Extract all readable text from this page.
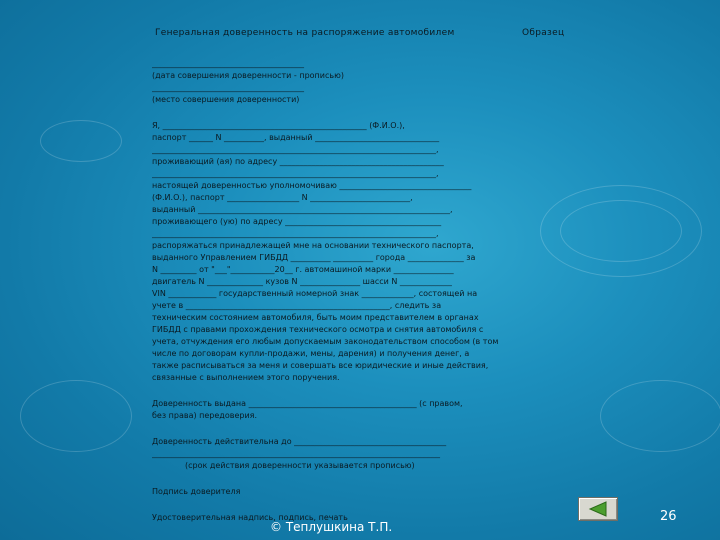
Генеральная доверенность на распоряжение автомобилем	Образец

______________________________________

(дата совершения доверенности - прописью)

______________________________________

(место совершения доверенности)

Я, ___________________________________________________ (Ф.И.О.),

паспорт ______ N __________, выданный _______________________________

_______________________________________________________________________,

проживающий (ая) по адресу _________________________________________

_______________________________________________________________________,

настоящей доверенностью уполномочиваю _________________________________

(Ф.И.О.), паспорт __________________ N _________________________,

выданный _______________________________________________________________,

проживающего (ую) по адресу _______________________________________

_______________________________________________________________________,

распоряжаться принадлежащей мне на основании технического паспорта,

выданного Управлением ГИБДД __________ __________ города ______________ за

N _________ от "___"___________20__ г. автомашиной марки _______________

двигатель N ______________ кузов N _______________ шасси N _____________

VIN ____________ государственный номерной знак _____________, состоящей на

учете в ___________________________________________________, следить за

техническим состоянием автомобиля, быть моим представителем в органах

ГИБДД с правами прохождения технического осмотра и снятия автомобиля с

учета, отчуждения его любым допускаемым законодательством способом (в том

числе по договорам купли-продажи, мены, дарения) и получения денег, а

также расписываться за меня и совершать все юридические и иные действия,

связанные с выполнением этого поручения.

Доверенность выдана __________________________________________ (с правом,

без права) передоверия.

Доверенность действительна до ______________________________________

________________________________________________________________________

(срок действия доверенности указывается прописью)

Подпись доверителя

Удостоверительная надпись, подпись, печать

© Теплушкина Т.П.
26
